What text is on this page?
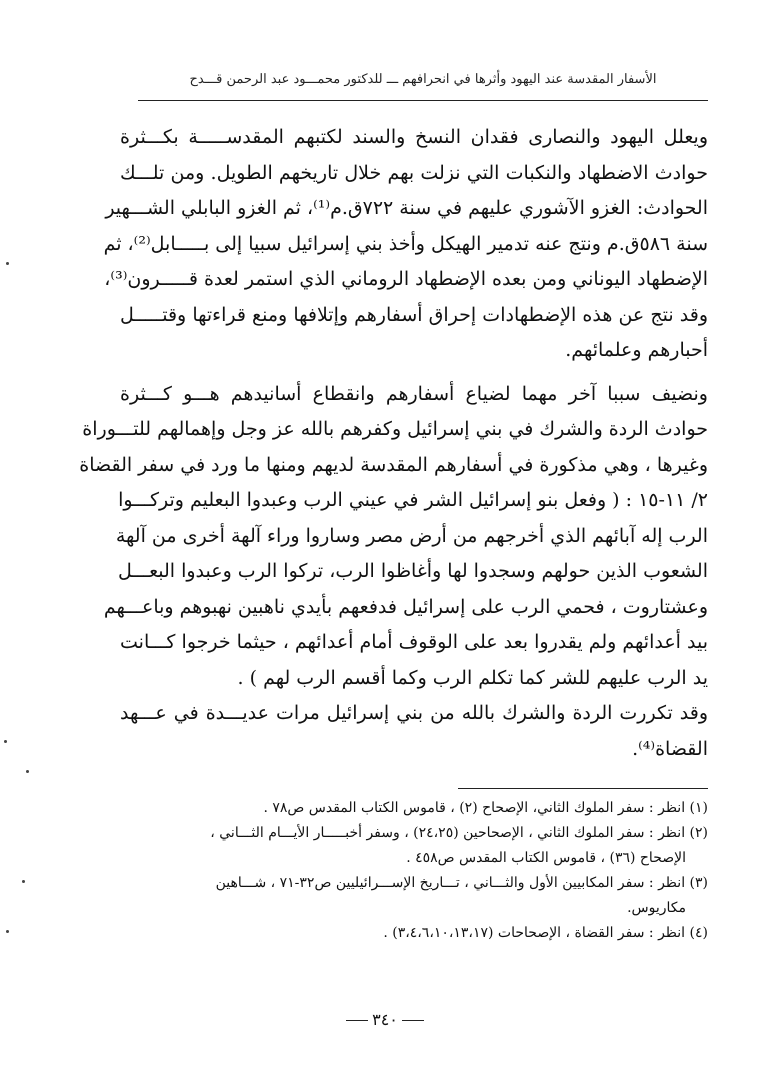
الأسفار المقدسة عند اليهود وأثرها في انحرافهم ـــ للدكتور محمـــود عبد الرحمن قـــدح
ويعلل اليهود والنصارى فقدان النسخ والسند لكتبهم المقدســـــة بكـــثرة
حوادث الاضطهاد والنكبات التي نزلت بهم خلال تاريخهم الطويل. ومن تلـــك
الحوادث: الغزو الآشوري عليهم في سنة ٧٢٢ق.م⁽¹⁾، ثم الغزو البابلي الشـــهير
سنة ٥٨٦ق.م ونتج عنه تدمير الهيكل وأخذ بني إسرائيل سبيا إلى بـــــابل⁽²⁾، ثم
الإضطهاد اليوناني ومن بعده الإضطهاد الروماني الذي استمر لعدة قـــــرون⁽³⁾،
وقد نتج عن هذه الإضطهادات إحراق أسفارهم وإتلافها ومنع قراءتها وقتـــــل
أحبارهم وعلمائهم.
ونضيف سببا آخر مهما لضياع أسفارهم وانقطاع أسانيدهم هـــو كـــثرة
حوادث الردة والشرك في بني إسرائيل وكفرهم بالله عز وجل وإهمالهم للتـــوراة
وغيرها ، وهي مذكورة في أسفارهم المقدسة لديهم ومنها ما ورد في سفر القضاة
٢/ ١١-١٥ : ( وفعل بنو إسرائيل الشر في عيني الرب وعبدوا البعليم وتركـــوا
الرب إله آبائهم الذي أخرجهم من أرض مصر وساروا وراء آلهة أخرى من آلهة
الشعوب الذين حولهم وسجدوا لها وأغاظوا الرب، تركوا الرب وعبدوا البعـــل
وعشتاروت ، فحمي الرب على إسرائيل فدفعهم بأيدي ناهبين نهبوهم وباعـــهم
بيد أعدائهم ولم يقدروا بعد على الوقوف أمام أعدائهم ، حيثما خرجوا كـــانت
يد الرب عليهم للشر كما تكلم الرب وكما أقسم الرب لهم ) .
وقد تكررت الردة والشرك بالله من بني إسرائيل مرات عديـــدة في عـــهد
القضاة⁽⁴⁾.
(١) انظر : سفر الملوك الثاني، الإصحاح (٢) ، قاموس الكتاب المقدس ص٧٨ .
(٢) انظر : سفر الملوك الثاني ، الإصحاحين (٢٤،٢٥) ، وسفر أخبـــــار الأيـــام الثـــاني ،
الإصحاح (٣٦) ، قاموس الكتاب المقدس ص٤٥٨ .
(٣) انظر : سفر المكابيين الأول والثـــاني ، تـــاريخ الإســـرائيليين ص٣٢-٧١ ، شـــاهين
مكاريوس.
(٤) انظر : سفر القضاة ، الإصحاحات (٣،٤،٦،١٠،١٣،١٧) .
٣٤٠
